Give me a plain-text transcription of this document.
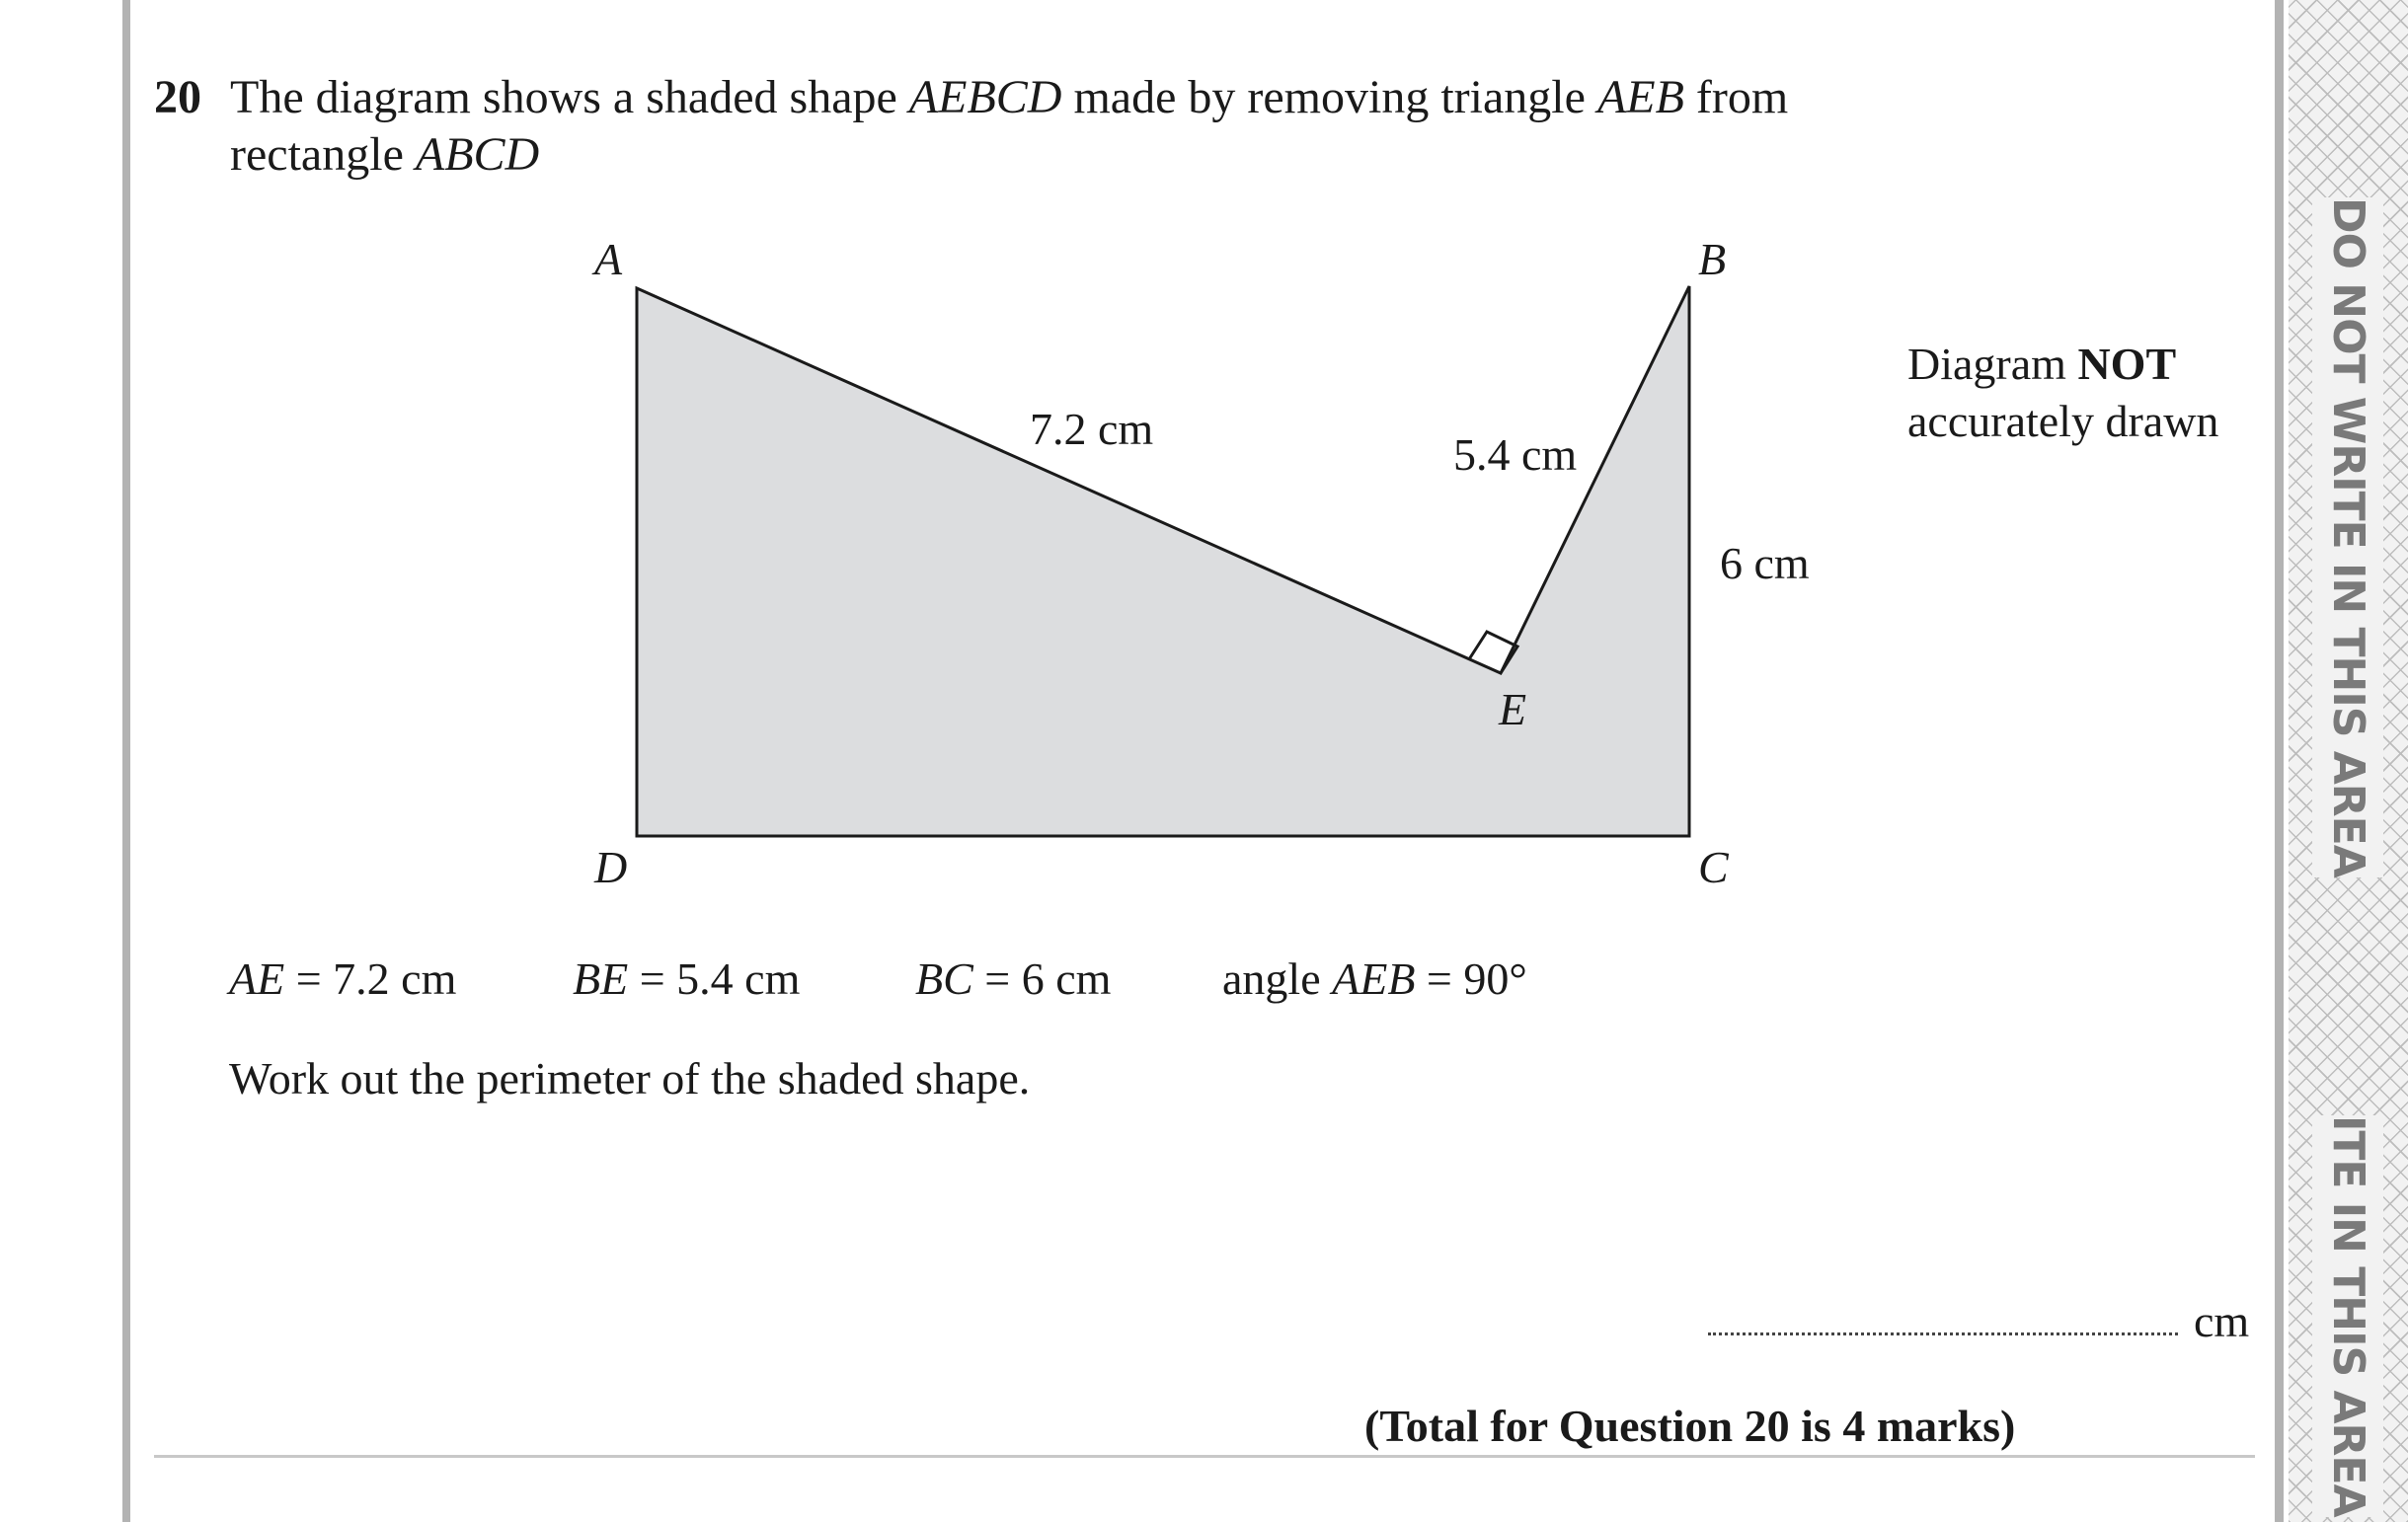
DO NOT WRITE IN THIS AREA
ITE IN THIS AREA
20 The diagram shows a shaded shape AEBCD made by removing triangle AEB from
rectangle ABCD
A	B
C
D
E
7.2 cm
5.4 cm
6 cm
Diagram NOT
accurately drawn
AE = 7.2 cm	BE = 5.4 cm	BC = 6 cm angle AEB = 90°
Work out the perimeter of the shaded shape.
cm
(Total for Question 20 is 4 marks)
